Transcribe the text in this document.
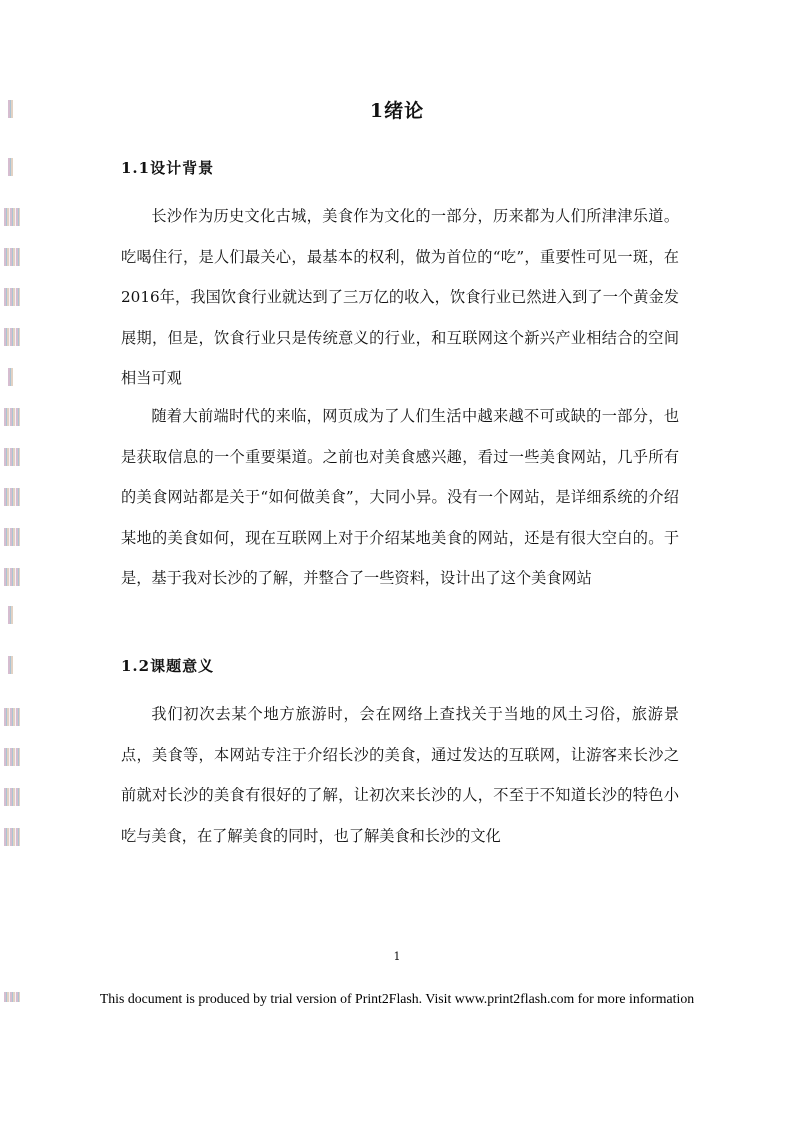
1绪论
1.1设计背景

长沙作为历史文化古城，美食作为文化的一部分，历来都为人们所津津乐道。吃喝住行，是人们最关心，最基本的权利，做为首位的“吃”，重要性可见一斑，在2016年，我国饮食行业就达到了三万亿的收入，饮食行业已然进入到了一个黄金发展期，但是，饮食行业只是传统意义的行业，和互联网这个新兴产业相结合的空间相当可观

随着大前端时代的来临，网页成为了人们生活中越来越不可或缺的一部分，也是获取信息的一个重要渠道。之前也对美食感兴趣，看过一些美食网站，几乎所有的美食网站都是关于“如何做美食”，大同小异。没有一个网站，是详细系统的介绍某地的美食如何，现在互联网上对于介绍某地美食的网站，还是有很大空白的。于是，基于我对长沙的了解，并整合了一些资料，设计出了这个美食网站

1.2课题意义

我们初次去某个地方旅游时，会在网络上查找关于当地的风土习俗，旅游景点，美食等，本网站专注于介绍长沙的美食，通过发达的互联网，让游客来长沙之前就对长沙的美食有很好的了解，让初次来长沙的人，不至于不知道长沙的特色小吃与美食，在了解美食的同时，也了解美食和长沙的文化

1
This document is produced by trial version of Print2Flash. Visit www.print2flash.com for more information
